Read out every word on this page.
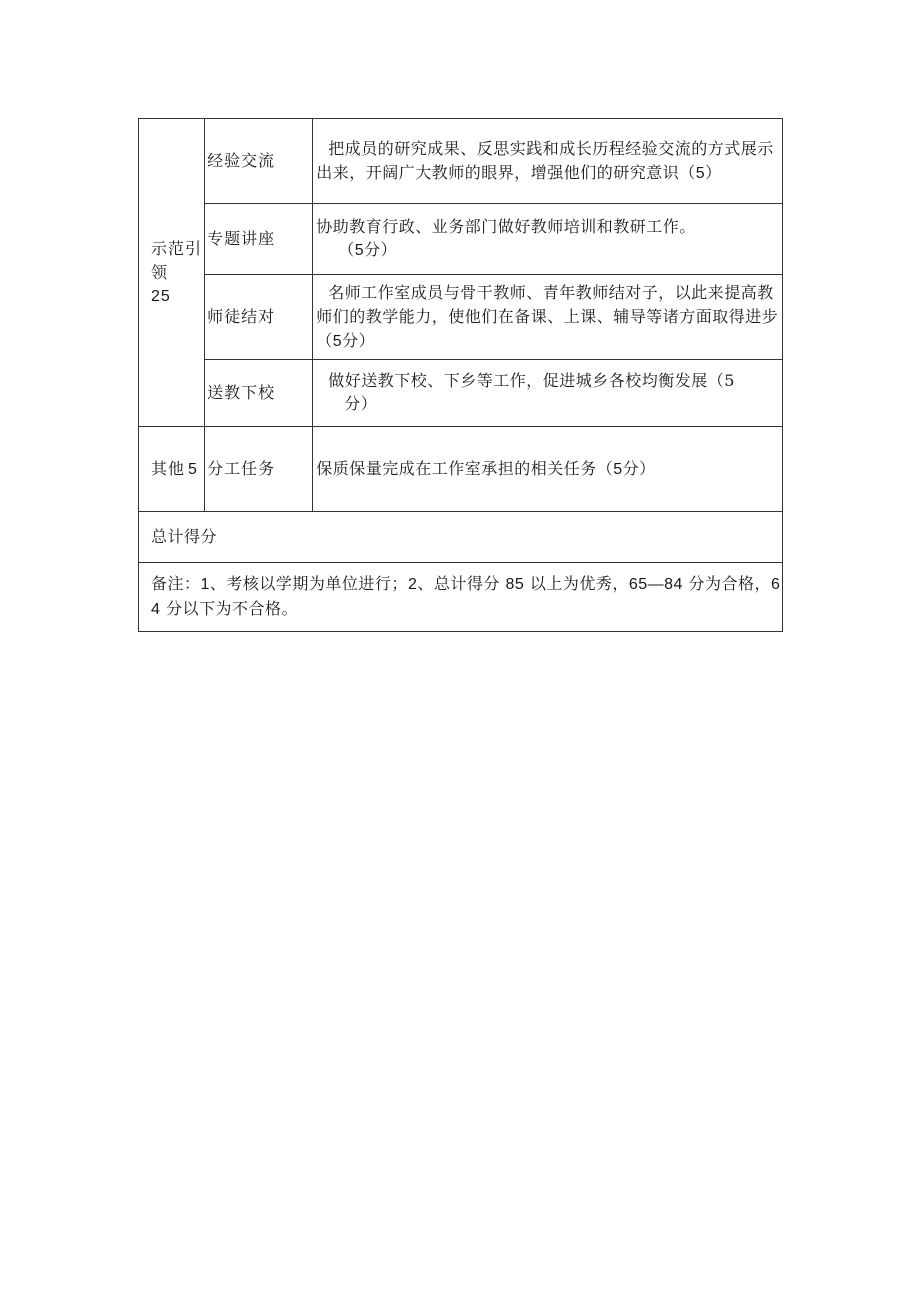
示范引领
25	经验交流	把成员的研究成果、反思实践和成长历程经验交流的方式展示出来，开阔广大教师的眼界，增强他们的研究意识（5）

	专题讲座	协助教育行政、业务部门做好教师培训和教研工作。
（5分）

	师徒结对	名师工作室成员与骨干教师、青年教师结对子，以此来提高教师们的教学能力，使他们在备课、上课、辅导等诸方面取得进步（5分）

	送教下校	做好送教下校、下乡等工作，促进城乡各校均衡发展（5
分）

其他 5	分工任务	保质保量完成在工作室承担的相关任务（5分）

总计得分		

备注：1、考核以学期为单位进行；2、总计得分 85 以上为优秀，65—84 分为合格，64 分以下为不合格。		
